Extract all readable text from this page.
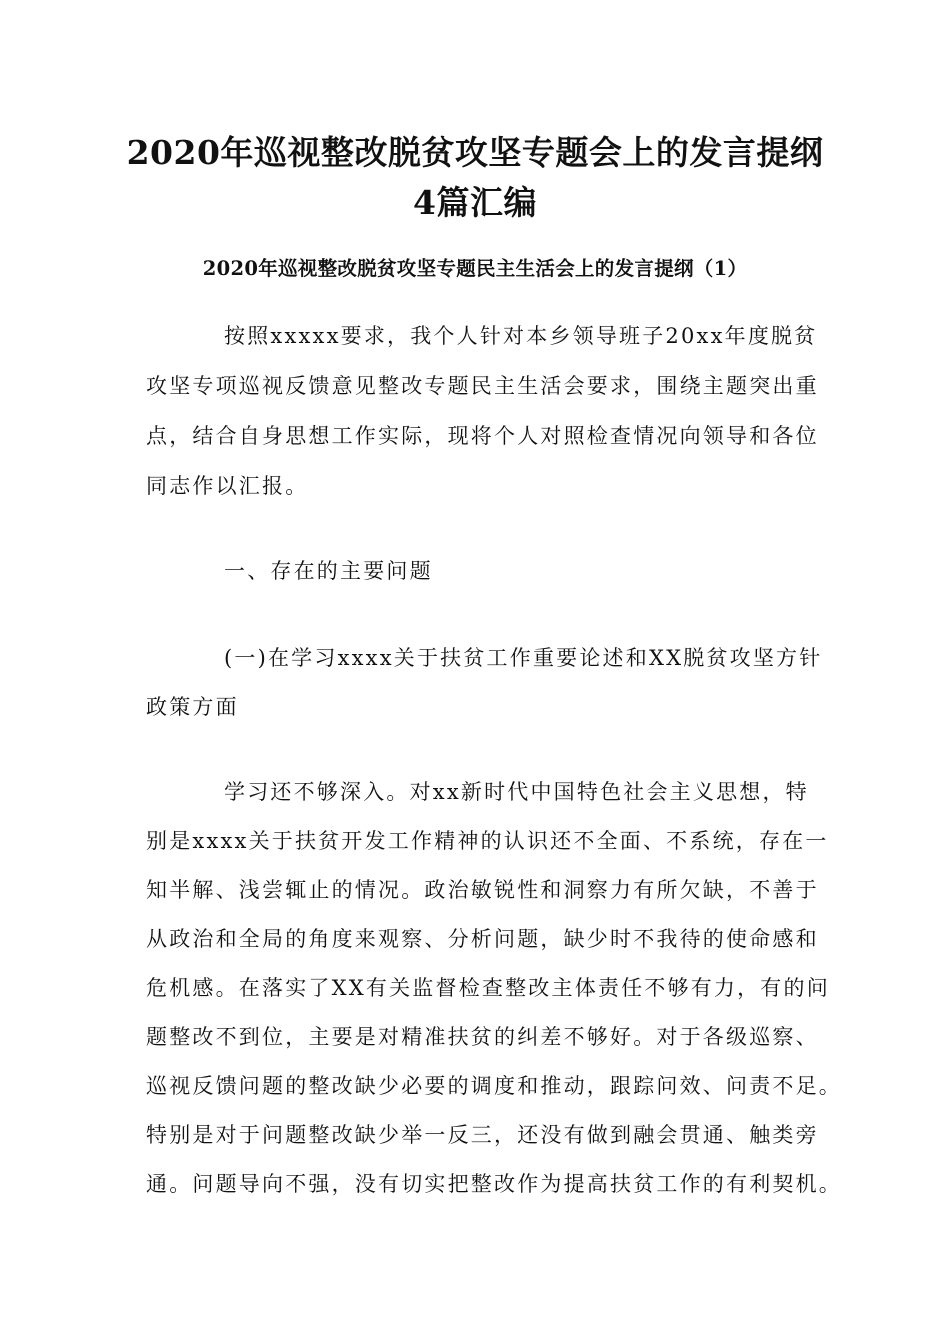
2020年巡视整改脱贫攻坚专题会上的发言提纲
4篇汇编
2020年巡视整改脱贫攻坚专题民主生活会上的发言提纲（1）
按照xxxxx要求，我个人针对本乡领导班子20xx年度脱贫
攻坚专项巡视反馈意见整改专题民主生活会要求，围绕主题突出重
点，结合自身思想工作实际，现将个人对照检查情况向领导和各位
同志作以汇报。
一、存在的主要问题
(一)在学习xxxx关于扶贫工作重要论述和XX脱贫攻坚方针
政策方面
学习还不够深入。对xx新时代中国特色社会主义思想，特
别是xxxx关于扶贫开发工作精神的认识还不全面、不系统，存在一
知半解、浅尝辄止的情况。政治敏锐性和洞察力有所欠缺，不善于
从政治和全局的角度来观察、分析问题，缺少时不我待的使命感和
危机感。在落实了XX有关监督检查整改主体责任不够有力，有的问
题整改不到位，主要是对精准扶贫的纠差不够好。对于各级巡察、
巡视反馈问题的整改缺少必要的调度和推动，跟踪问效、问责不足。
特别是对于问题整改缺少举一反三，还没有做到融会贯通、触类旁
通。问题导向不强，没有切实把整改作为提高扶贫工作的有利契机。
